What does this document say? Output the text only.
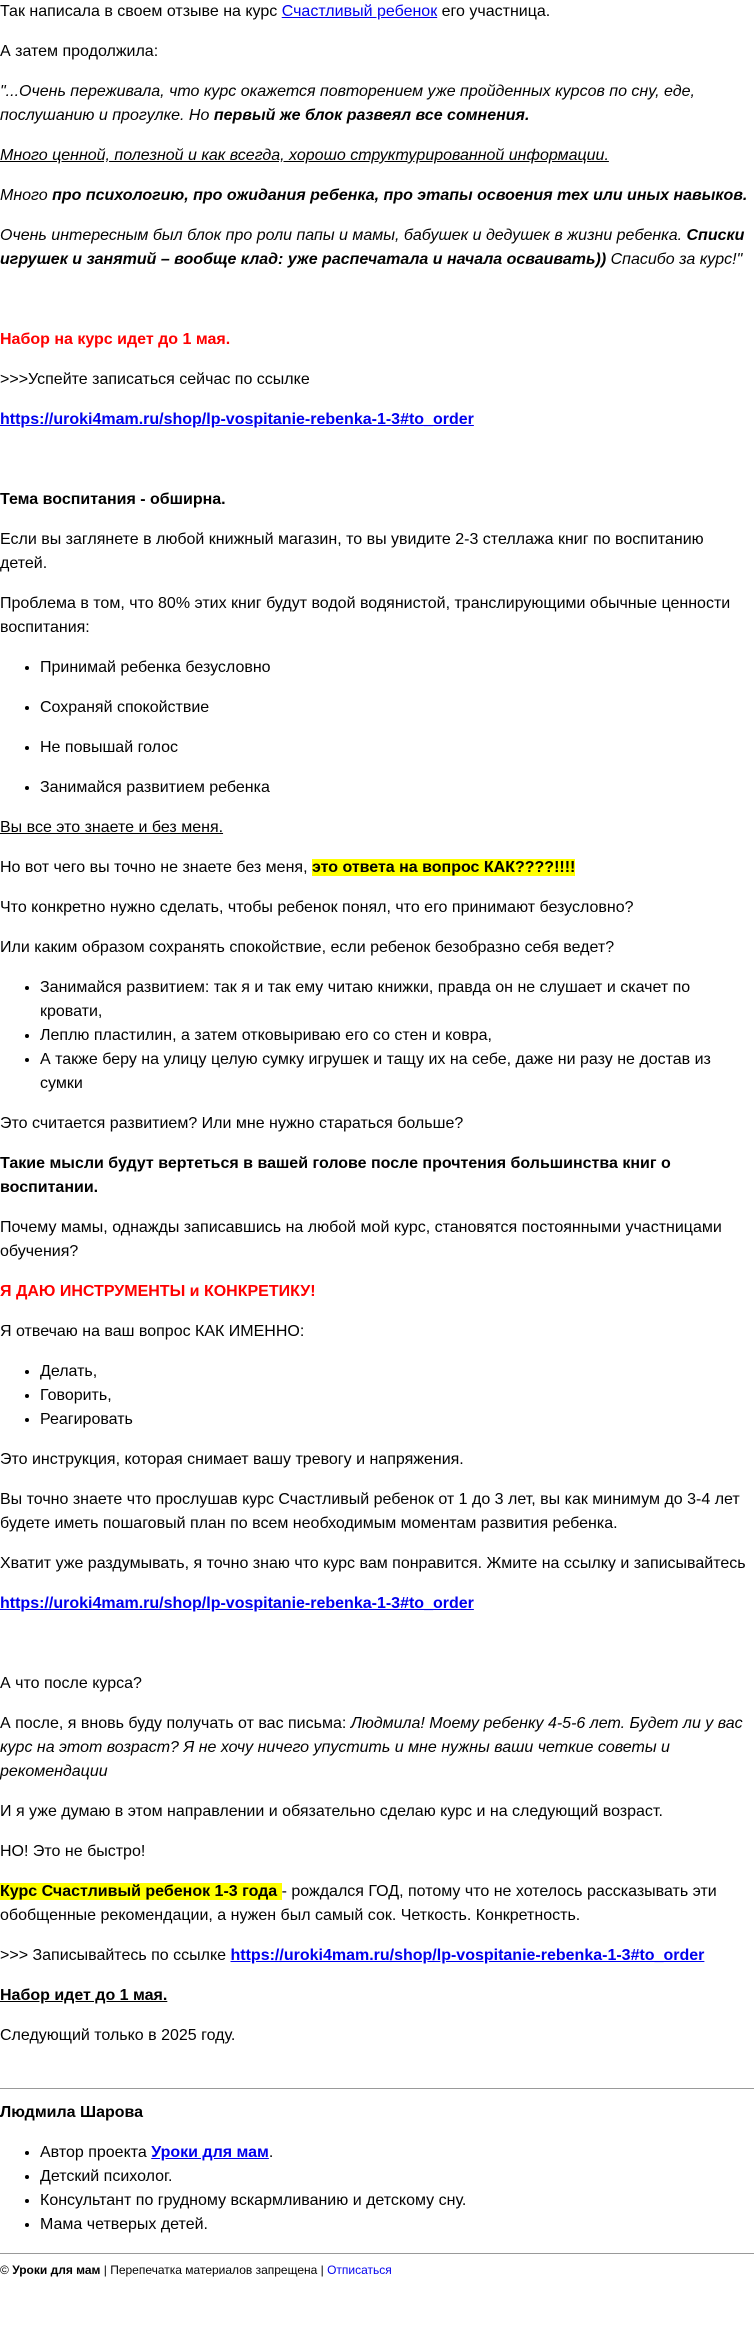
Так написала в своем отзыве на курс Счастливый ребенок его участница.

А затем продолжила:

"...Очень переживала, что курс окажется повторением уже пройденных курсов по сну, еде, послушанию и прогулке. Но первый же блок развеял все сомнения.

Много ценной, полезной и как всегда, хорошо структурированной информации.

Много про психологию, про ожидания ребенка, про этапы освоения тех или иных навыков.

Очень интересным был блок про роли папы и мамы, бабушек и дедушек в жизни ребенка. Списки игрушек и занятий – вообще клад: уже распечатала и начала осваивать)) Спасибо за курс!"

Набор на курс идет до 1 мая.

>>>Успейте записаться сейчас по ссылке

https://uroki4mam.ru/shop/lp-vospitanie-rebenka-1-3#to_order

Тема воспитания - обширна.

Если вы заглянете в любой книжный магазин, то вы увидите 2-3 стеллажа книг по воспитанию детей.

Проблема в том, что 80% этих книг будут водой водянистой, транслирующими обычные ценности воспитания:

• Принимай ребенка безусловно
• Сохраняй спокойствие
• Не повышай голос
• Занимайся развитием ребенка

Вы все это знаете и без меня.

Но вот чего вы точно не знаете без меня, это ответа на вопрос КАК????!!!!

Что конкретно нужно сделать, чтобы ребенок понял, что его принимают безусловно?

Или каким образом сохранять спокойствие, если ребенок безобразно себя ведет?

• Занимайся развитием: так я и так ему читаю книжки, правда он не слушает и скачет по кровати,
• Леплю пластилин, а затем отковыриваю его со стен и ковра,
• А также беру на улицу целую сумку игрушек и тащу их на себе, даже ни разу не достав из сумки

Это считается развитием? Или мне нужно стараться больше?

Такие мысли будут вертеться в вашей голове после прочтения большинства книг о воспитании.

Почему мамы, однажды записавшись на любой мой курс, становятся постоянными участницами обучения?

Я ДАЮ ИНСТРУМЕНТЫ и КОНКРЕТИКУ!

Я отвечаю на ваш вопрос КАК ИМЕННО:

• Делать,
• Говорить,
• Реагировать

Это инструкция, которая снимает вашу тревогу и напряжения.

Вы точно знаете что прослушав курс Счастливый ребенок от 1 до 3 лет, вы как минимум до 3-4 лет будете иметь пошаговый план по всем необходимым моментам развития ребенка.

Хватит уже раздумывать, я точно знаю что курс вам понравится. Жмите на ссылку и записывайтесь

https://uroki4mam.ru/shop/lp-vospitanie-rebenka-1-3#to_order

А что после курса?

А после, я вновь буду получать от вас письма: Людмила! Моему ребенку 4-5-6 лет. Будет ли у вас курс на этот возраст? Я не хочу ничего упустить и мне нужны ваши четкие советы и рекомендации

И я уже думаю в этом направлении и обязательно сделаю курс и на следующий возраст.

НО! Это не быстро!

Курс Счастливый ребенок 1-3 года - рождался ГОД, потому что не хотелось рассказывать эти обобщенные рекомендации, а нужен был самый сок. Четкость. Конкретность.

>>> Записывайтесь по ссылке https://uroki4mam.ru/shop/lp-vospitanie-rebenka-1-3#to_order

Набор идет до 1 мая.

Следующий только в 2025 году.

Людмила Шарова

• Автор проекта Уроки для мам.
• Детский психолог.
• Консультант по грудному вскармливанию и детскому сну.
• Мама четверых детей.
© Уроки для мам | Перепечатка материалов запрещена | Отписаться
